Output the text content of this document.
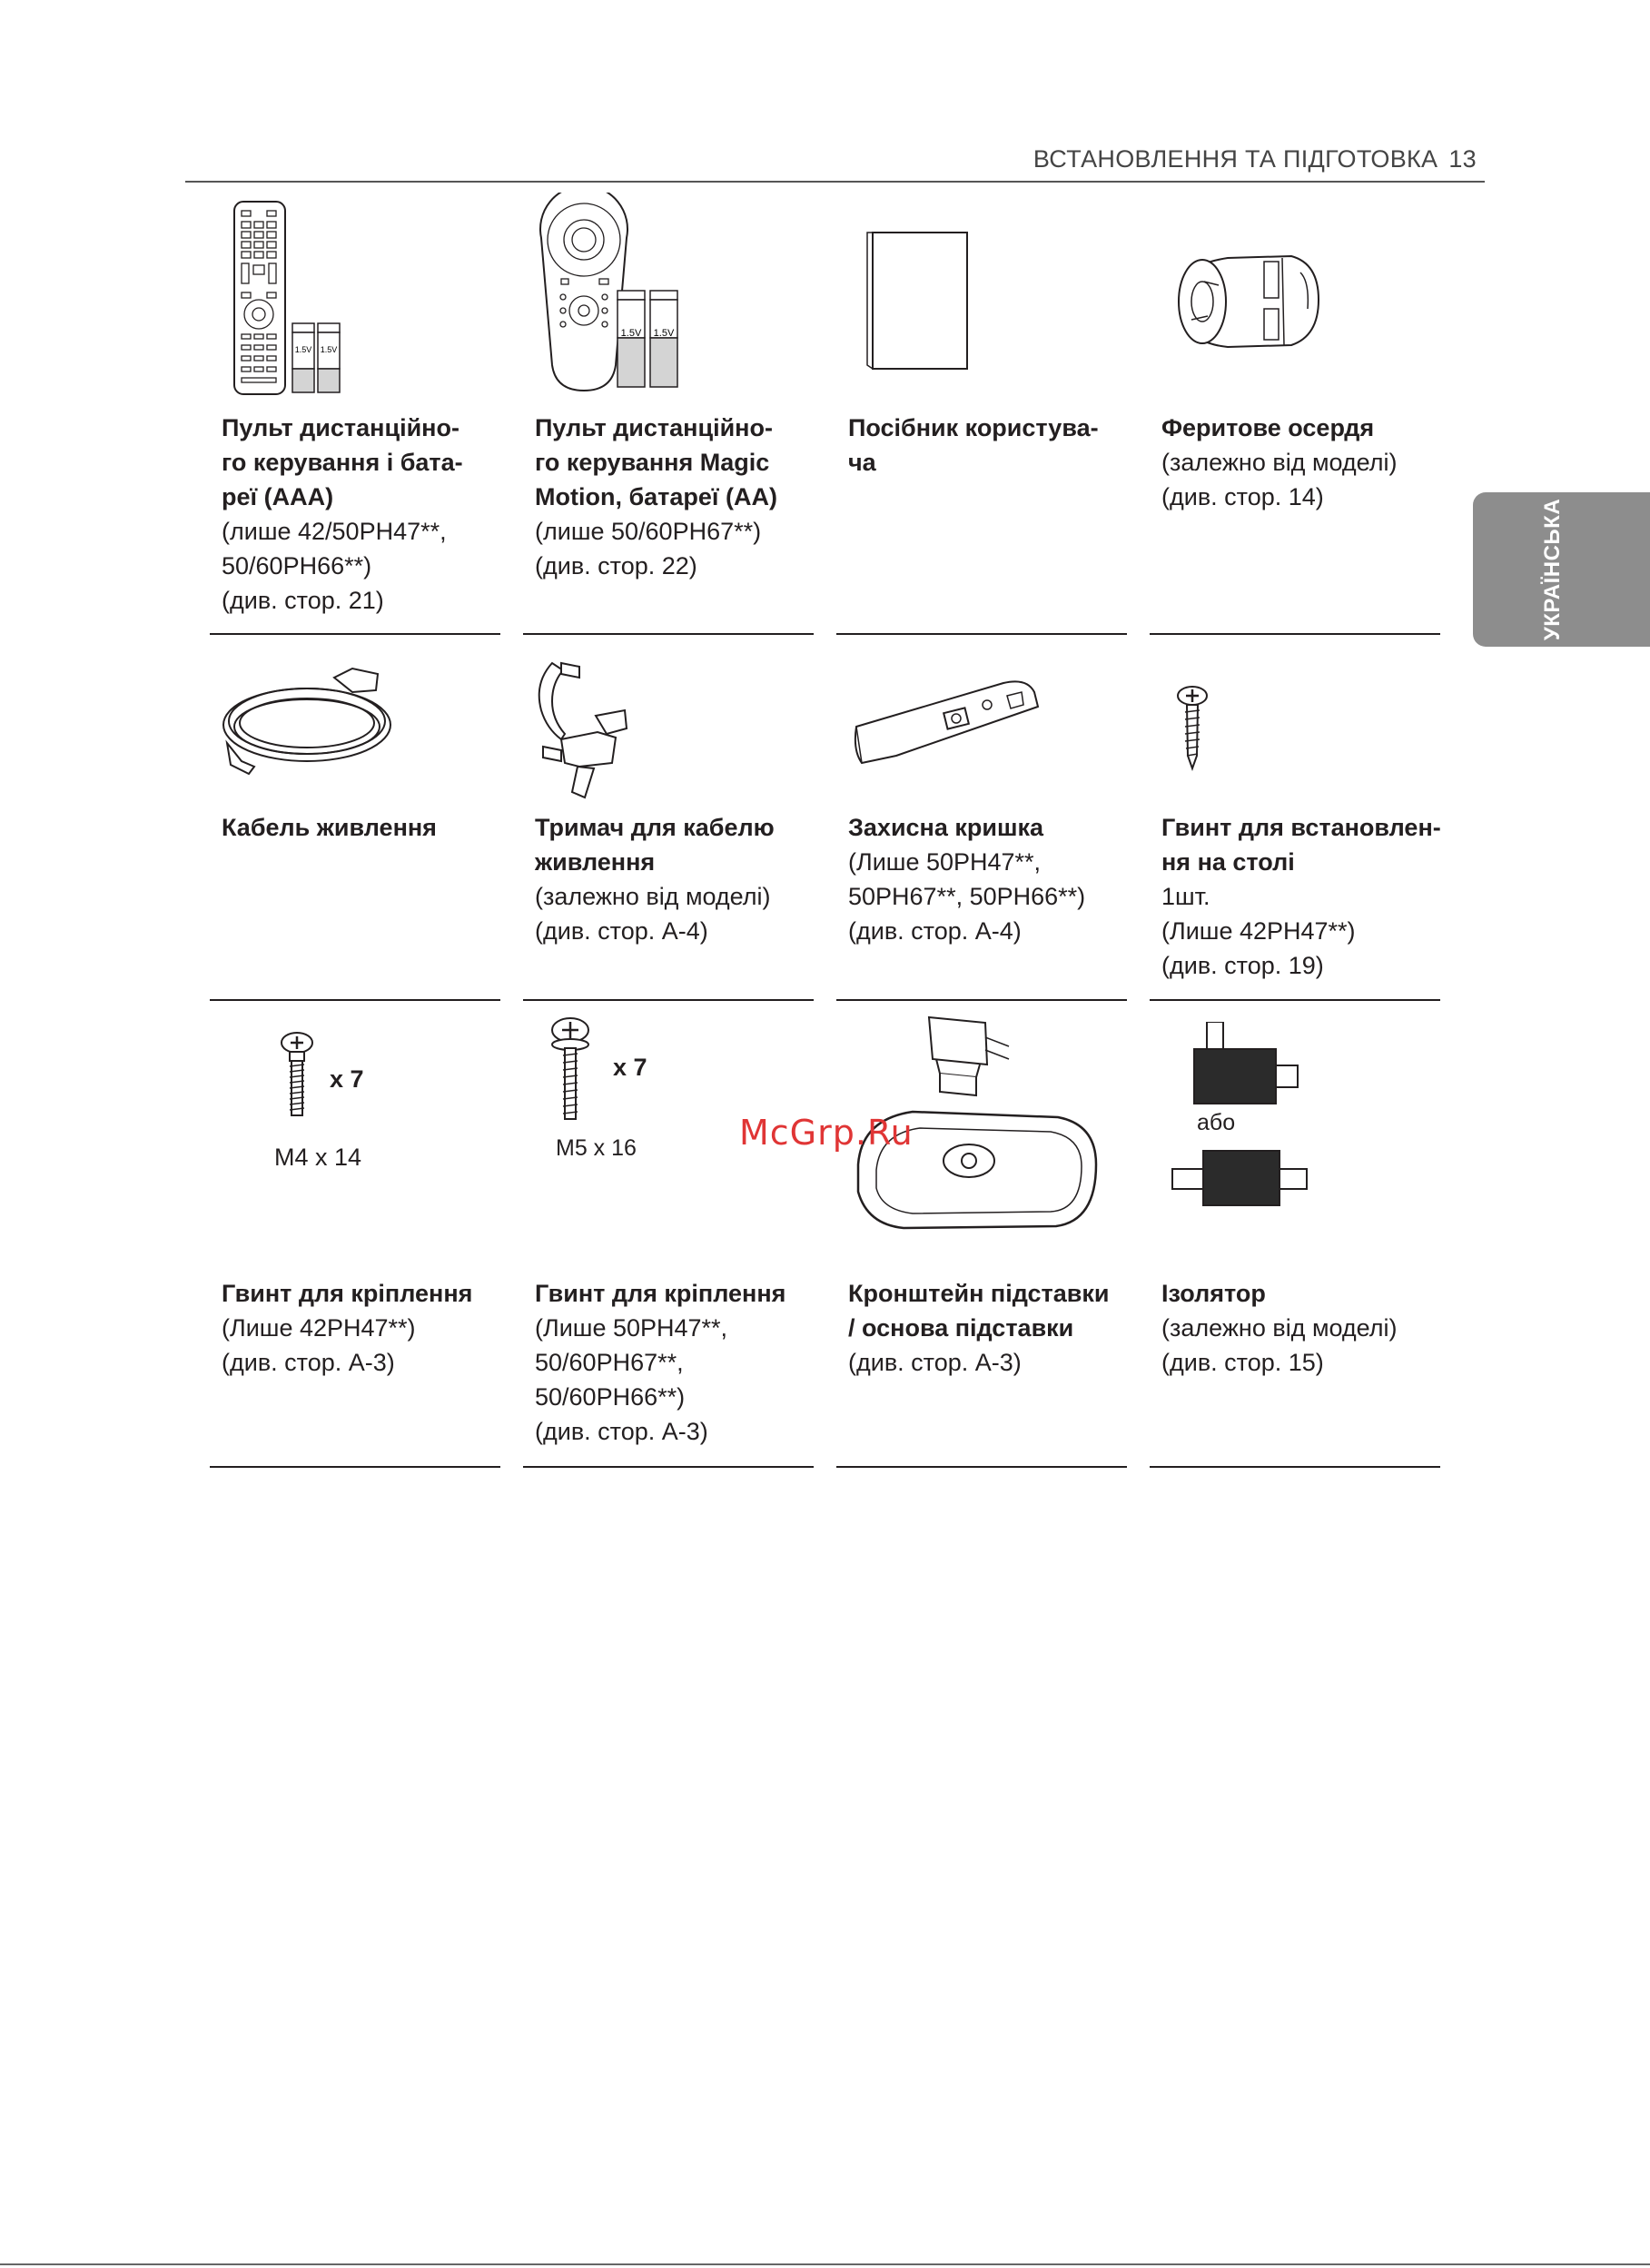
ВСТАНОВЛЕННЯ ТА ПІДГОТОВКА 13
УКРАЇНСЬКА
1.5V 1.5V
1.5V 1.5V
x 7
M4 x 14
x 7
M5 x 16
або
McGrp.Ru
Пульт дистанційно-
го керування і бата-
реї (AAA)
(лише 42/50PH47**,
50/60PH66**)
(див. стор. 21)
Пульт дистанційно-
го керування Magic
Motion, батареї (AA)
(лише 50/60PH67**)
(див. стор. 22)
Посібник користува-
ча
Феритове осердя
(залежно від моделі)
(див. стор. 14)
Кабель живлення	Тримач для кабелю
живлення
(залежно від моделі)
(див. стор. A-4)
Захисна кришка
(Лише 50PH47**,
50PH67**, 50PH66**)
(див. стор. A-4)
Гвинт для встановлен-
ня на столі
1шт.
(Лише 42PH47**)
(див. стор. 19)
Гвинт для кріплення
(Лише 42PH47**)
(див. стор. A-3)
Гвинт для кріплення
(Лише 50PH47**,
50/60PH67**,
50/60PH66**)
(див. стор. A-3)
Кронштейн підставки
/ основа підставки
(див. стор. A-3)
Ізолятор
(залежно від моделі)
(див. стор. 15)
